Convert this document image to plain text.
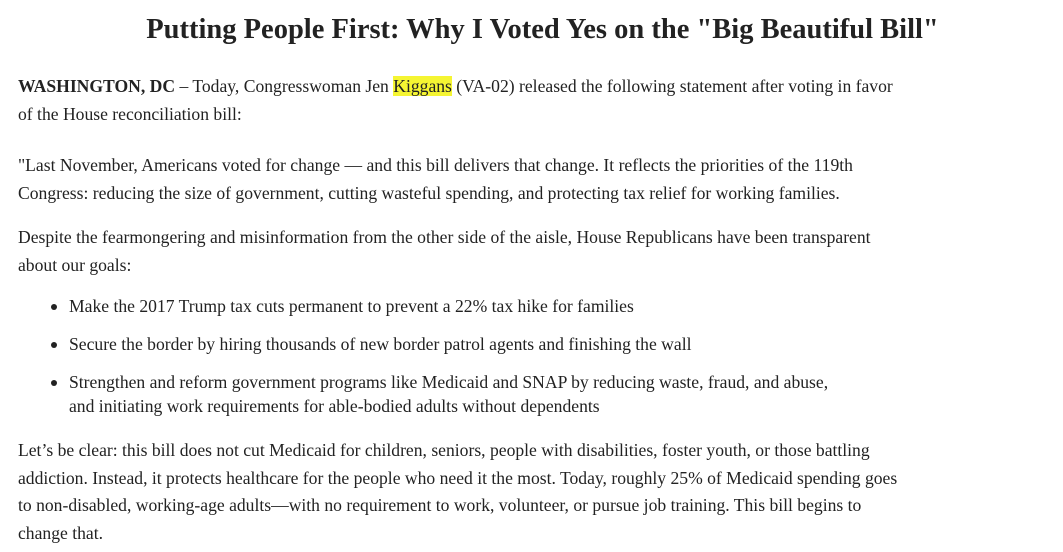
Putting People First: Why I Voted Yes on the "Big Beautiful Bill"

WASHINGTON, DC – Today, Congresswoman Jen Kiggans (VA-02) released the following statement after voting in favor
of the House reconciliation bill:

"Last November, Americans voted for change — and this bill delivers that change. It reflects the priorities of the 119th
Congress: reducing the size of government, cutting wasteful spending, and protecting tax relief for working families.

Despite the fearmongering and misinformation from the other side of the aisle, House Republicans have been transparent
about our goals:

Make the 2017 Trump tax cuts permanent to prevent a 22% tax hike for families
Secure the border by hiring thousands of new border patrol agents and finishing the wall
Strengthen and reform government programs like Medicaid and SNAP by reducing waste, fraud, and abuse,
and initiating work requirements for able-bodied adults without dependents

Let’s be clear: this bill does not cut Medicaid for children, seniors, people with disabilities, foster youth, or those battling
addiction. Instead, it protects healthcare for the people who need it the most. Today, roughly 25% of Medicaid spending goes
to non-disabled, working-age adults—with no requirement to work, volunteer, or pursue job training. This bill begins to
change that.
